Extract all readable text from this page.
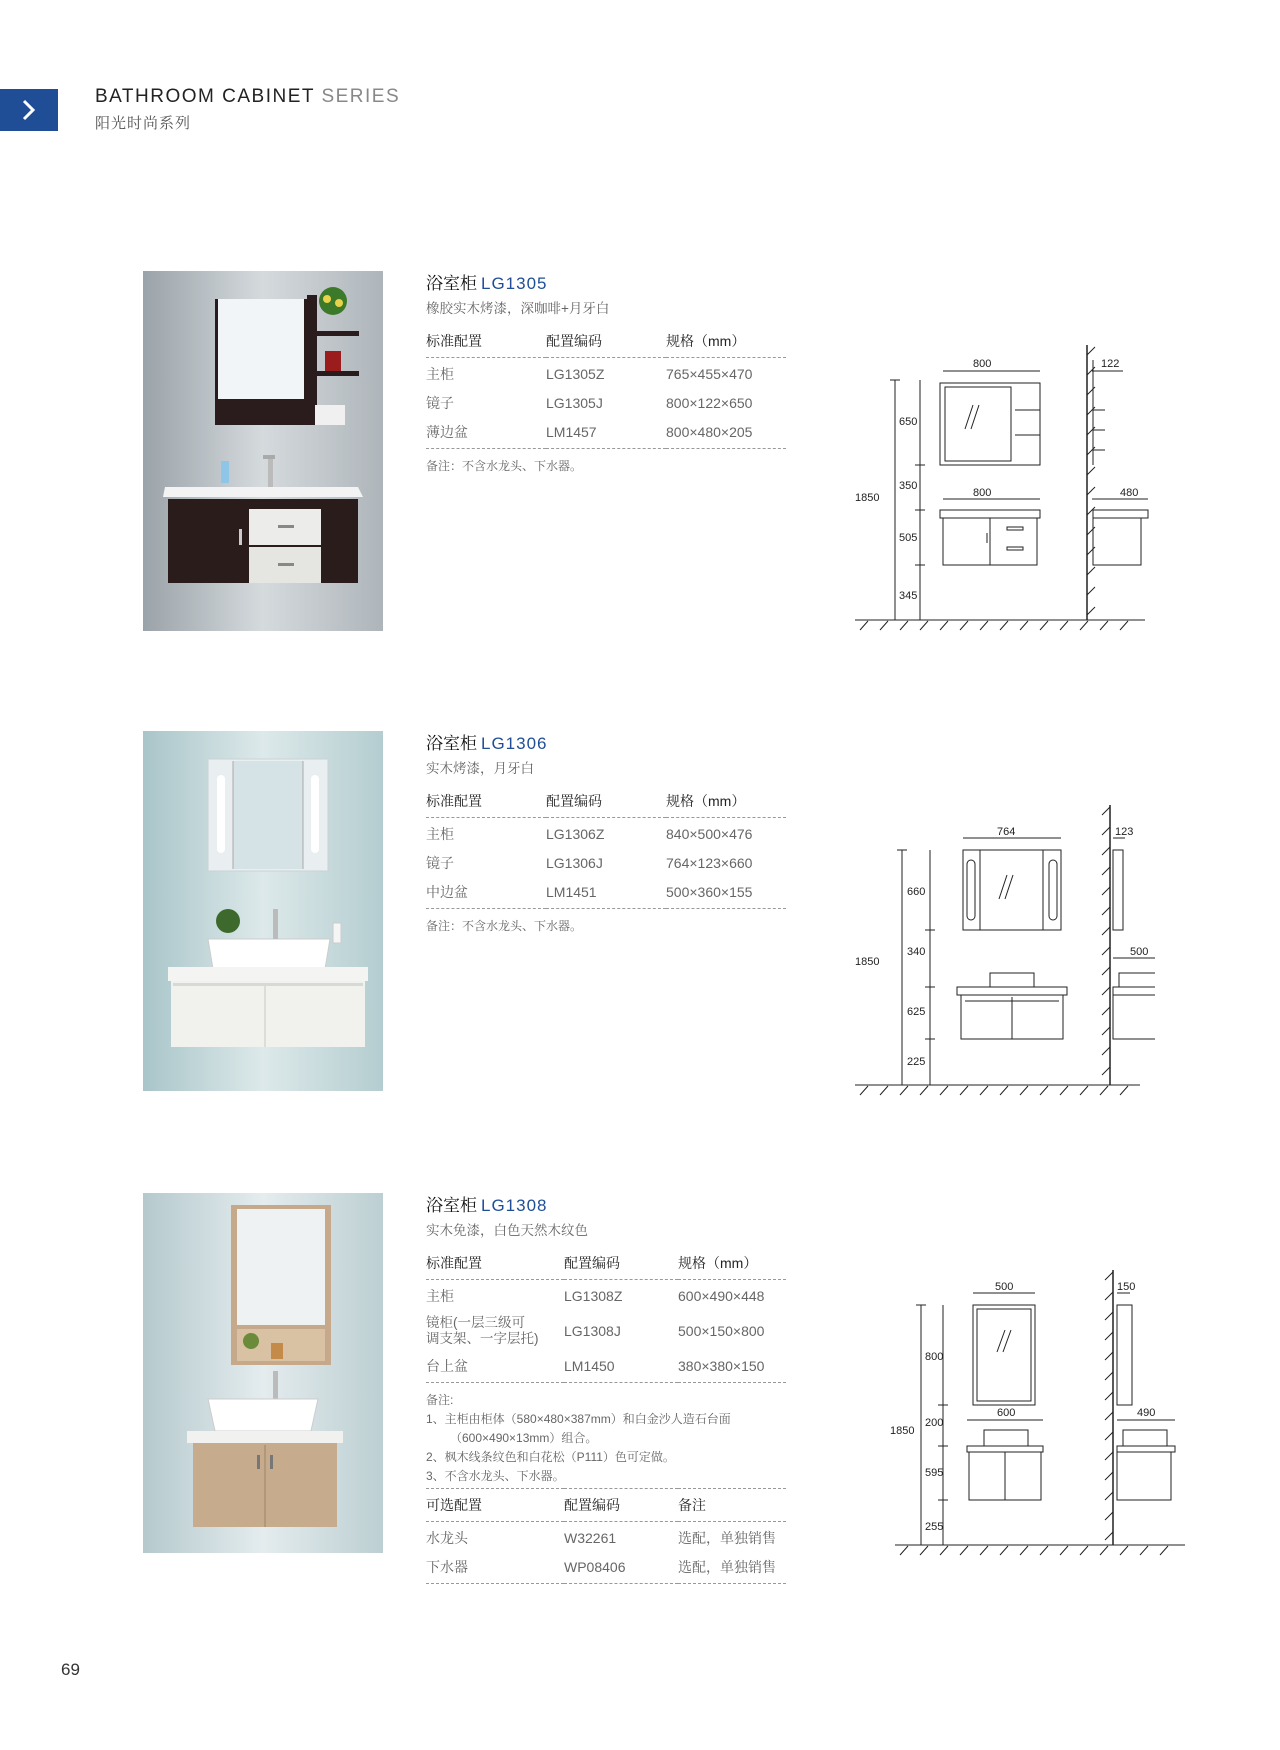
BATHROOM CABINET SERIES
阳光时尚系列
浴室柜 LG1305
橡胶实木烤漆，深咖啡+月牙白
标准配置	配置编码	规格（mm）
主柜	LG1305Z	765×455×470
镜子	LG1305J	800×122×650
薄边盆	LM1457	800×480×205
备注：不含水龙头、下水器。
800	122
1850
650
350
800	480
505
345
浴室柜 LG1306
实木烤漆，月牙白
标准配置	配置编码	规格（mm）
主柜	LG1306Z	840×500×476
镜子	LG1306J	764×123×660
中边盆	LM1451	500×360×155
备注：不含水龙头、下水器。
764	123
1850
660
340	500
625
225
浴室柜 LG1308
实木免漆，白色天然木纹色
标准配置	配置编码	规格（mm）
主柜	LG1308Z	600×490×448
镜柜(一层三级可
调支架、一字层托)	LG1308J	500×150×800
台上盆	LM1450	380×380×150
备注:
1、主柜由柜体（580×480×387mm）和白金沙人造石台面
（600×490×13mm）组合。
2、枫木线条纹色和白花松（P111）色可定做。
3、不含水龙头、下水器。
可选配置	配置编码	备注
水龙头	W32261	选配，单独销售
下水器	WP08406	选配，单独销售
500	150
1850
800
200
600	490
595
255
69
